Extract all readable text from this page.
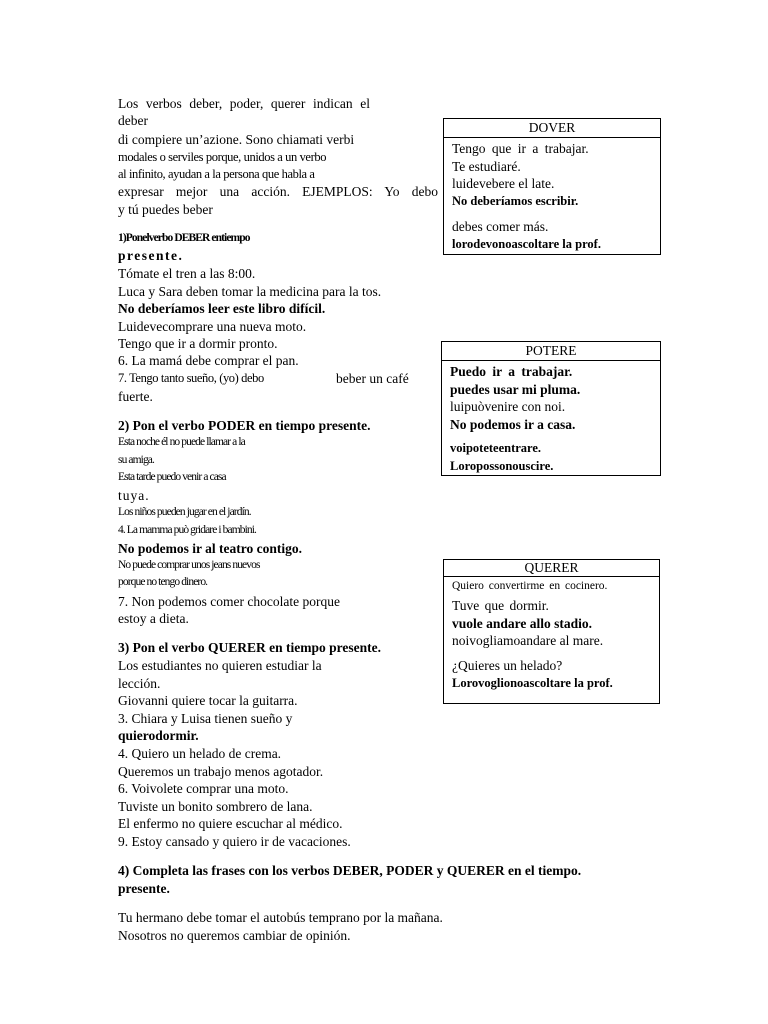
Los verbos deber, poder, querer indican el
deber
di compiere un’azione. Sono chiamati verbi
modales o serviles porque, unidos a un verbo
al infinito, ayudan a la persona que habla a
expresar mejor una acción. EJEMPLOS: Yo debo
y tú puedes beber
1)Ponelverbo DEBER entiempo
presente.
Tómate el tren a las 8:00.
Luca y Sara deben tomar la medicina para la tos.
No deberíamos leer este libro difícil.
Luidevecomprare una nueva moto.
Tengo que ir a dormir pronto.
6. La mamá debe comprar el pan.
7. Tengo tanto sueño, (yo) debo	beber un café
fuerte.
2) Pon el verbo PODER en tiempo presente.
Esta noche él no puede llamar a la
su amiga.
Esta tarde puedo venir a casa
tuya.
Los niños pueden jugar en el jardín.
4. La mamma può gridare i bambini.
No podemos ir al teatro contigo.
No puede comprar unos jeans nuevos
porque no tengo dinero.
7. Non podemos comer chocolate porque
estoy a dieta.
3) Pon el verbo QUERER en tiempo presente.
Los estudiantes no quieren estudiar la
lección.
Giovanni quiere tocar la guitarra.
3. Chiara y Luisa tienen sueño y
quierodormir.
4. Quiero un helado de crema.
Queremos un trabajo menos agotador.
6. Voivolete comprar una moto.
Tuviste un bonito sombrero de lana.
El enfermo no quiere escuchar al médico.
9. Estoy cansado y quiero ir de vacaciones.
4) Completa las frases con los verbos DEBER, PODER y QUERER en el tiempo.
presente.
Tu hermano debe tomar el autobús temprano por la mañana.
Nosotros no queremos cambiar de opinión.
DOVER
Tengo que ir a trabajar.
Te estudiaré.
luidevebere el late.
No deberíamos escribir.
debes comer más.
lorodevonoascoltare la prof.
POTERE
Puedo ir a trabajar.
puedes usar mi pluma.
luipuòvenire con noi.
No podemos ir a casa.
voipoteteentrare.
Loropossonouscire.
QUERER
Quiero convertirme en cocinero.
Tuve que dormir.
vuole andare allo stadio.
noivogliamoandare al mare.
¿Quieres un helado?
Lorovoglionoascoltare la prof.
